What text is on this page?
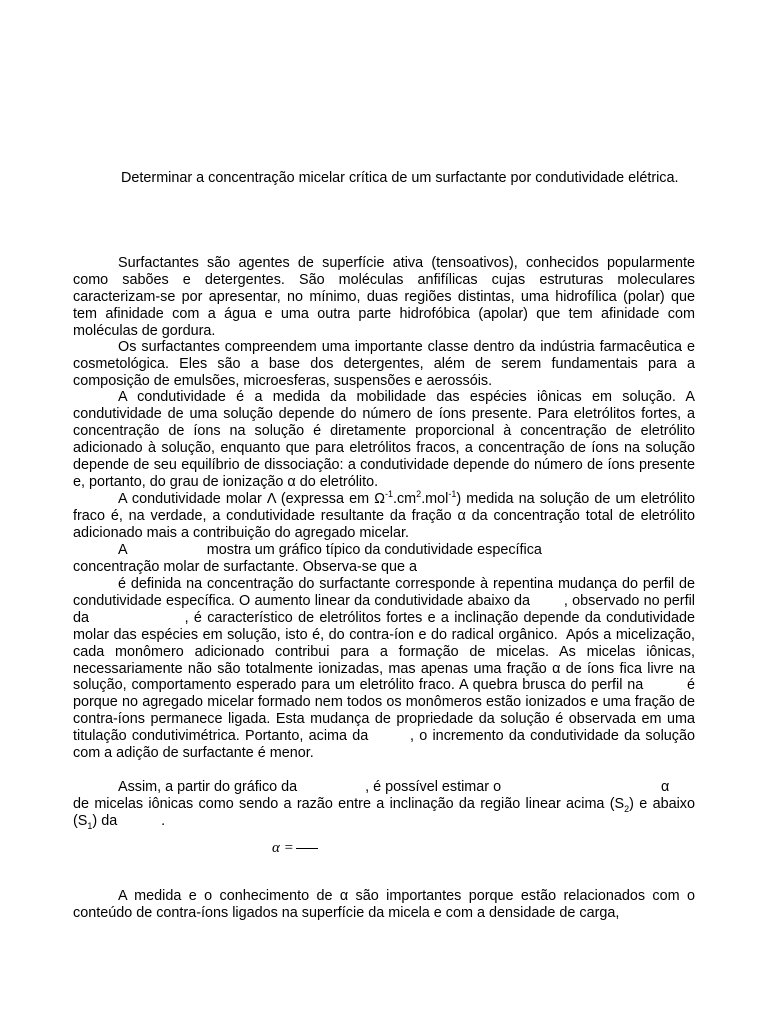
Determinar a concentração micelar crítica de um surfactante por condutividade elétrica.

Surfactantes são agentes de superfície ativa (tensoativos), conhecidos popularmente como sabões e detergentes. São moléculas anfifílicas cujas estruturas moleculares caracterizam-se por apresentar, no mínimo, duas regiões distintas, uma hidrofílica (polar) que tem afinidade com a água e uma outra parte hidrofóbica (apolar) que tem afinidade com moléculas de gordura.

Os surfactantes compreendem uma importante classe dentro da indústria farmacêutica e cosmetológica. Eles são a base dos detergentes, além de serem fundamentais para a composição de emulsões, microesferas, suspensões e aerossóis.

A condutividade é a medida da mobilidade das espécies iônicas em solução. A condutividade de uma solução depende do número de íons presente. Para eletrólitos fortes, a concentração de íons na solução é diretamente proporcional à concentração de eletrólito adicionado à solução, enquanto que para eletrólitos fracos, a concentração de íons na solução depende de seu equilíbrio de dissociação: a condutividade depende do número de íons presente e, portanto, do grau de ionização α do eletrólito.

A condutividade molar Λ (expressa em $\Omega^{-1}.cm^2.mol^{-1}$) medida na solução de um eletrólito fraco é, na verdade, a condutividade resultante da fração α da concentração total de eletrólito adicionado mais a contribuição do agregado micelar.

A                    mostra um gráfico típico da condutividade específica

concentração molar de surfactante. Observa-se que a

é definida na concentração do surfactante corresponde à repentina mudança do perfil de condutividade específica. O aumento linear da condutividade abaixo da        , observado no perfil da                  , é característico de eletrólitos fortes e a inclinação depende da condutividade molar das espécies em solução, isto é, do contra-íon e do radical orgânico.  Após a micelização, cada monômero adicionado contribui para a formação de micelas. As micelas iônicas, necessariamente não são totalmente ionizadas, mas apenas uma fração α de íons fica livre na solução, comportamento esperado para um eletrólito fraco. A quebra brusca do perfil na         é porque no agregado micelar formado nem todos os monômeros estão ionizados e uma fração de contra-íons permanece ligada. Esta mudança de propriedade da solução é observada em uma titulação condutivimétrica. Portanto, acima da        , o incremento da condutividade da solução com a adição de surfactante é menor.

Assim, a partir do gráfico da                 , é possível estimar o                                        α
de micelas iônicas como sendo a razão entre a inclinação da região linear acima $(S_2)$ e abaixo $(S_1)$ da           .

α =

A medida e o conhecimento de α são importantes porque estão relacionados com o conteúdo de contra-íons ligados na superfície da micela e com a densidade de carga,
